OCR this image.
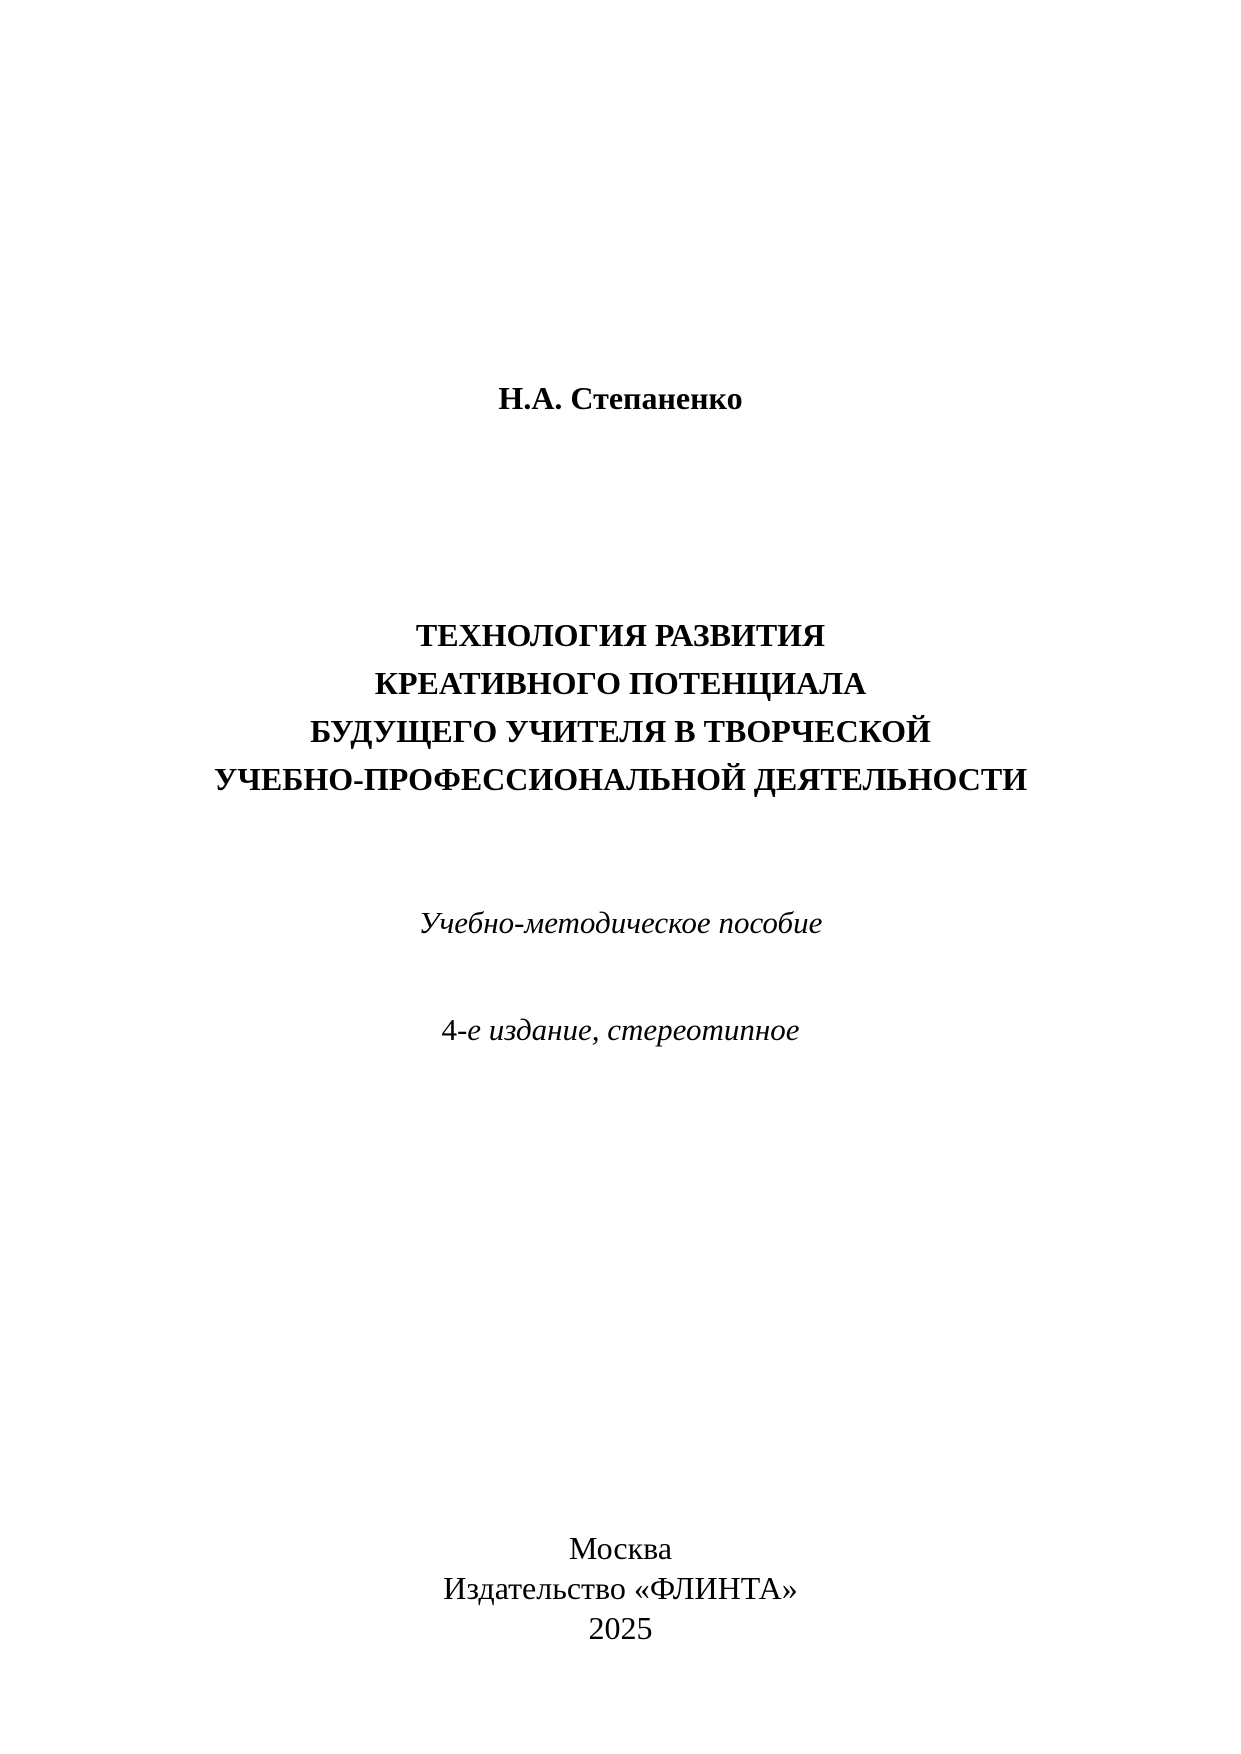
Н.А. Степаненко
ТЕХНОЛОГИЯ РАЗВИТИЯ
КРЕАТИВНОГО ПОТЕНЦИАЛА
БУДУЩЕГО УЧИТЕЛЯ В ТВОРЧЕСКОЙ
УЧЕБНО-ПРОФЕССИОНАЛЬНОЙ ДЕЯТЕЛЬНОСТИ
Учебно-методическое пособие
4-е издание, стереотипное
Москва
Издательство «ФЛИНТА»
2025
